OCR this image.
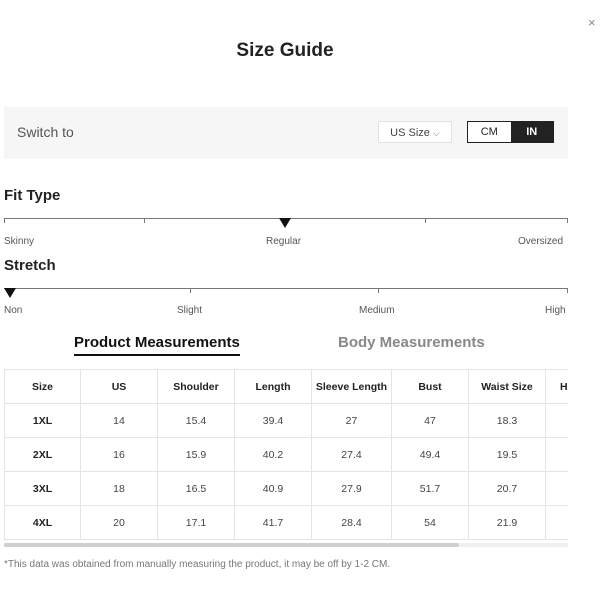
×
Size Guide
Switch to	US Size ⌵	CM	IN
Fit Type
Skinny	Regular	Oversized
Stretch
Non	Slight	Medium	High
Product Measurements	Body Measurements
Size	US	Shoulder	Length	Sleeve Length	Bust	Waist Size	H
1XL	14	15.4	39.4	27	47	18.3	
2XL	16	15.9	40.2	27.4	49.4	19.5	
3XL	18	16.5	40.9	27.9	51.7	20.7	
4XL	20	17.1	41.7	28.4	54	21.9	
*This data was obtained from manually measuring the product, it may be off by 1-2 CM.
